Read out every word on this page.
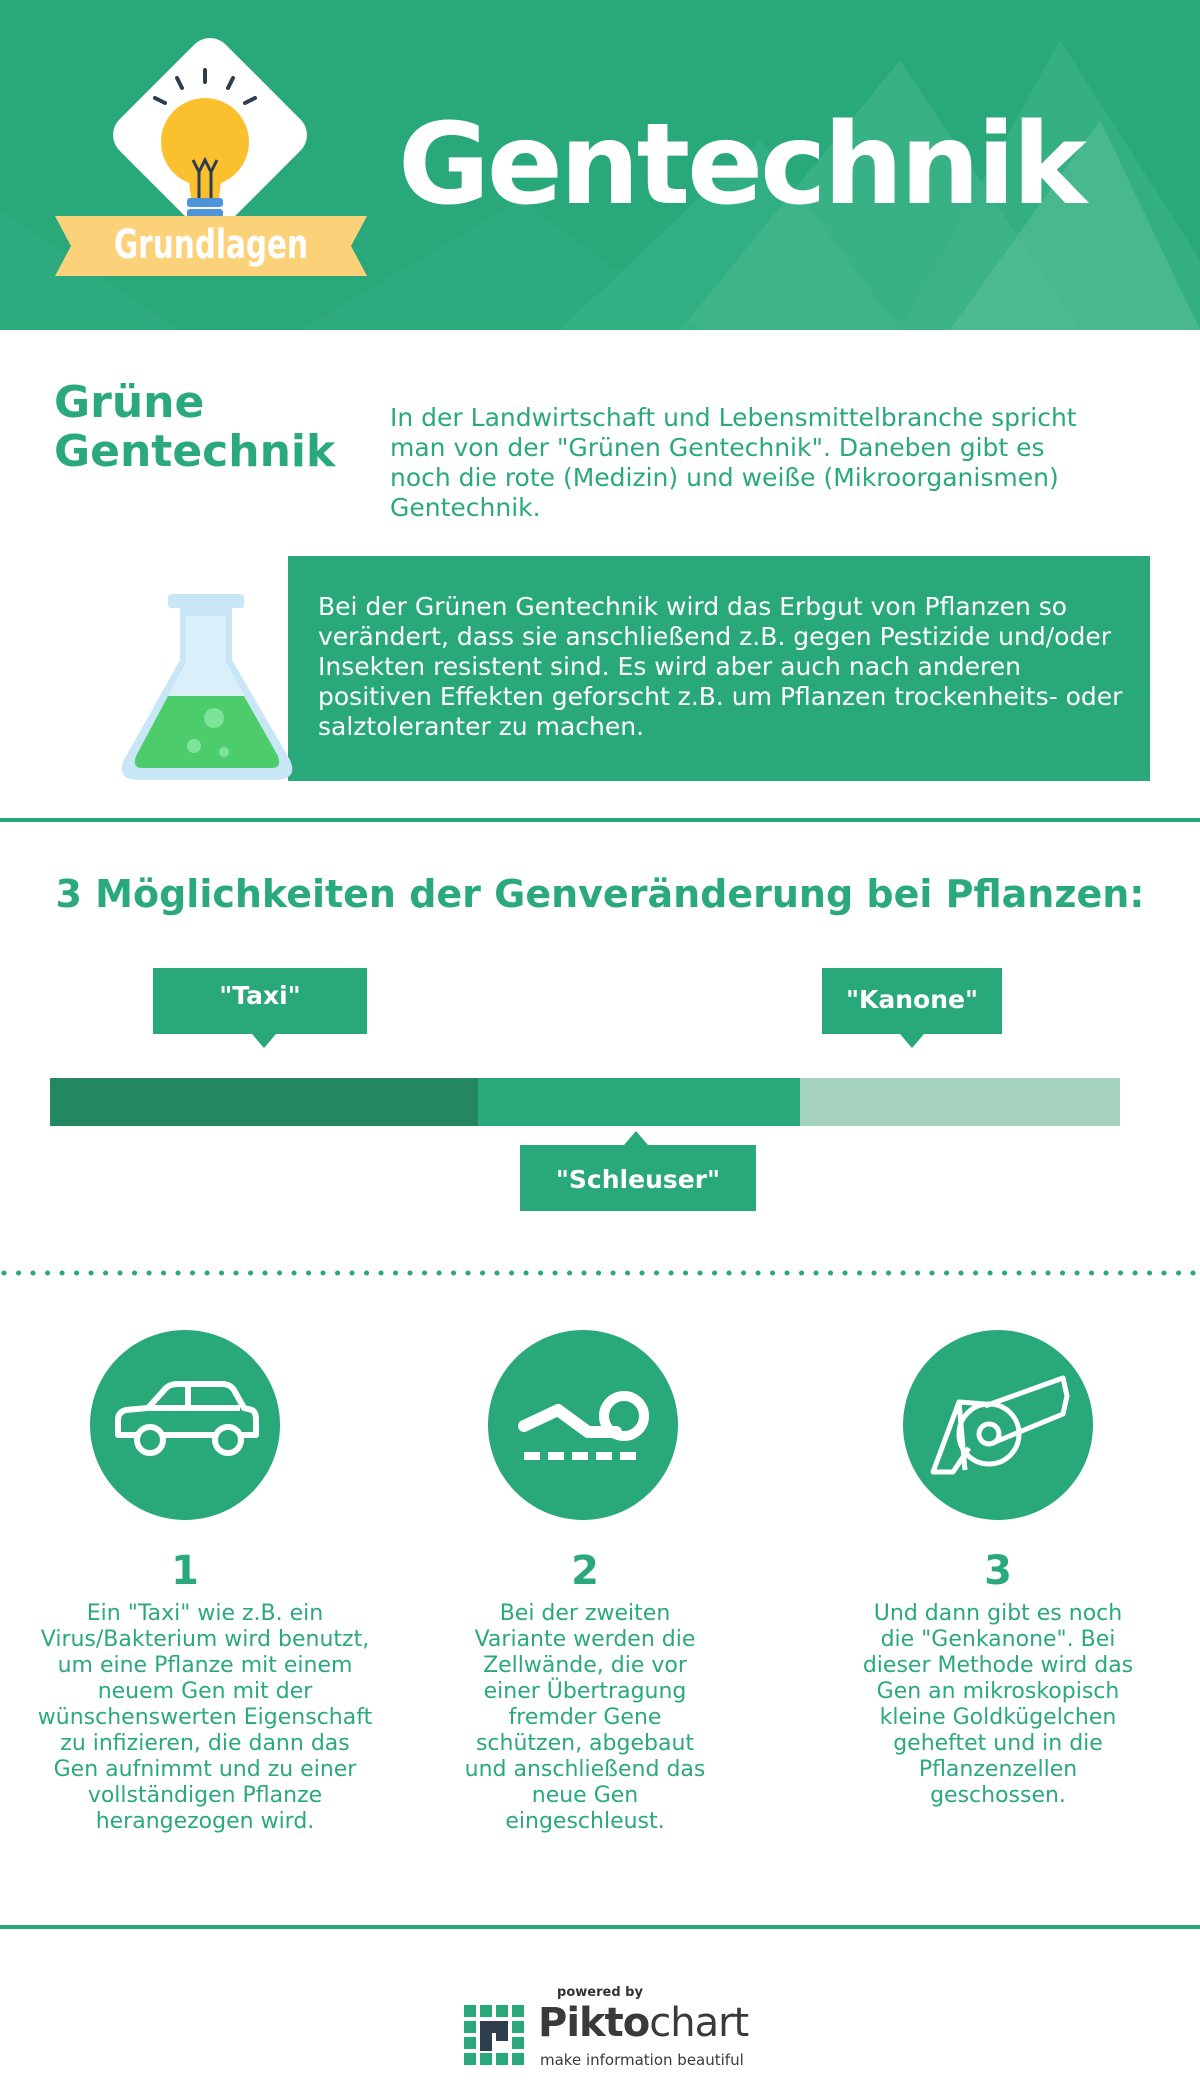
Grundlagen
Gentechnik
Grüne
Gentechnik
In der Landwirtschaft und Lebensmittelbranche spricht man von der "Grünen Gentechnik". Daneben gibt es noch die rote (Medizin) und weiße (Mikroorganismen) Gentechnik.
Bei der Grünen Gentechnik wird das Erbgut von Pflanzen so verändert, dass sie anschließend z.B. gegen Pestizide und/oder Insekten resistent sind. Es wird aber auch nach anderen positiven Effekten geforscht z.B. um Pflanzen trockenheits- oder salztoleranter zu machen.
3 Möglichkeiten der Genveränderung bei Pflanzen:
"Taxi"	"Kanone"
"Schleuser"
1
Ein "Taxi" wie z.B. ein Virus/Bakterium wird benutzt, um eine Pflanze mit einem neuem Gen mit der wünschenswerten Eigenschaft zu infizieren, die dann das Gen aufnimmt und zu einer vollständigen Pflanze herangezogen wird.
2
Bei der zweiten Variante werden die Zellwände, die vor einer Übertragung fremder Gene schützen, abgebaut und anschließend das neue Gen eingeschleust.
3
Und dann gibt es noch die "Genkanone". Bei dieser Methode wird das Gen an mikroskopisch kleine Goldkügelchen geheftet und in die Pflanzenzellen geschossen.
powered by
Piktochart
make information beautiful
